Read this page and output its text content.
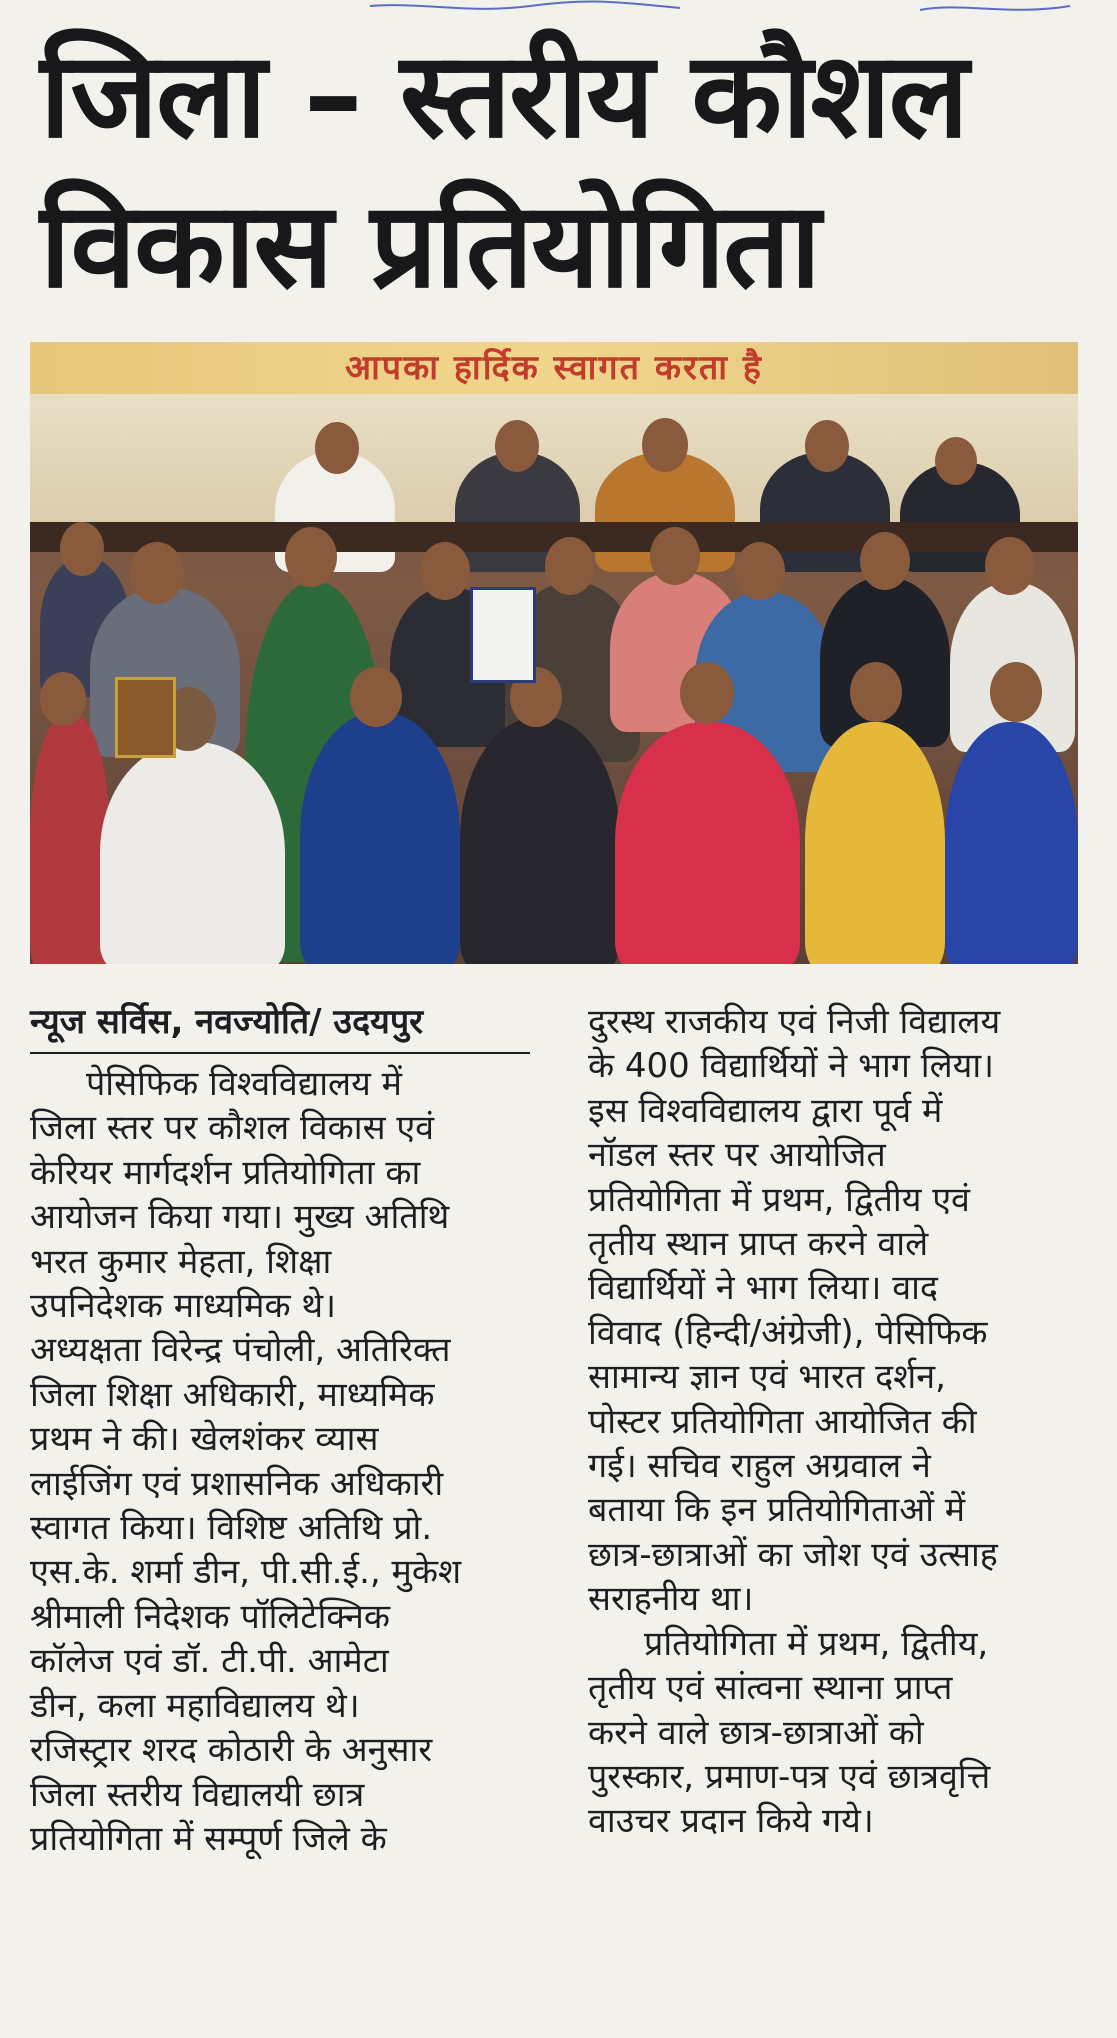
जिला – स्तरीय कौशल
विकास प्रतियोगिता
आपका हार्दिक स्वागत करता है

न्यूज सर्विस, नवज्योति/ उदयपुर

पेसिफिक विश्वविद्यालय में
जिला स्तर पर कौशल विकास एवं
केरियर मार्गदर्शन प्रतियोगिता का
आयोजन किया गया। मुख्य अतिथि
भरत कुमार मेहता, शिक्षा
उपनिदेशक माध्यमिक थे।
अध्यक्षता विरेन्द्र पंचोली, अतिरिक्त
जिला शिक्षा अधिकारी, माध्यमिक
प्रथम ने की। खेलशंकर व्यास
लाईजिंग एवं प्रशासनिक अधिकारी
स्वागत किया। विशिष्ट अतिथि प्रो.
एस.के. शर्मा डीन, पी.सी.ई., मुकेश
श्रीमाली निदेशक पॉलिटेक्निक
कॉलेज एवं डॉ. टी.पी. आमेटा
डीन, कला महाविद्यालय थे।
रजिस्ट्रार शरद कोठारी के अनुसार
जिला स्तरीय विद्यालयी छात्र
प्रतियोगिता में सम्पूर्ण जिले के
दुरस्थ राजकीय एवं निजी विद्यालय
के 400 विद्यार्थियों ने भाग लिया।
इस विश्वविद्यालय द्वारा पूर्व में
नॉडल स्तर पर आयोजित
प्रतियोगिता में प्रथम, द्वितीय एवं
तृतीय स्थान प्राप्त करने वाले
विद्यार्थियों ने भाग लिया। वाद
विवाद (हिन्दी/अंग्रेजी), पेसिफिक
सामान्य ज्ञान एवं भारत दर्शन,
पोस्टर प्रतियोगिता आयोजित की
गई। सचिव राहुल अग्रवाल ने
बताया कि इन प्रतियोगिताओं में
छात्र-छात्राओं का जोश एवं उत्साह
सराहनीय था।
प्रतियोगिता में प्रथम, द्वितीय,
तृतीय एवं सांत्वना स्थाना प्राप्त
करने वाले छात्र-छात्राओं को
पुरस्कार, प्रमाण-पत्र एवं छात्रवृत्ति
वाउचर प्रदान किये गये।
